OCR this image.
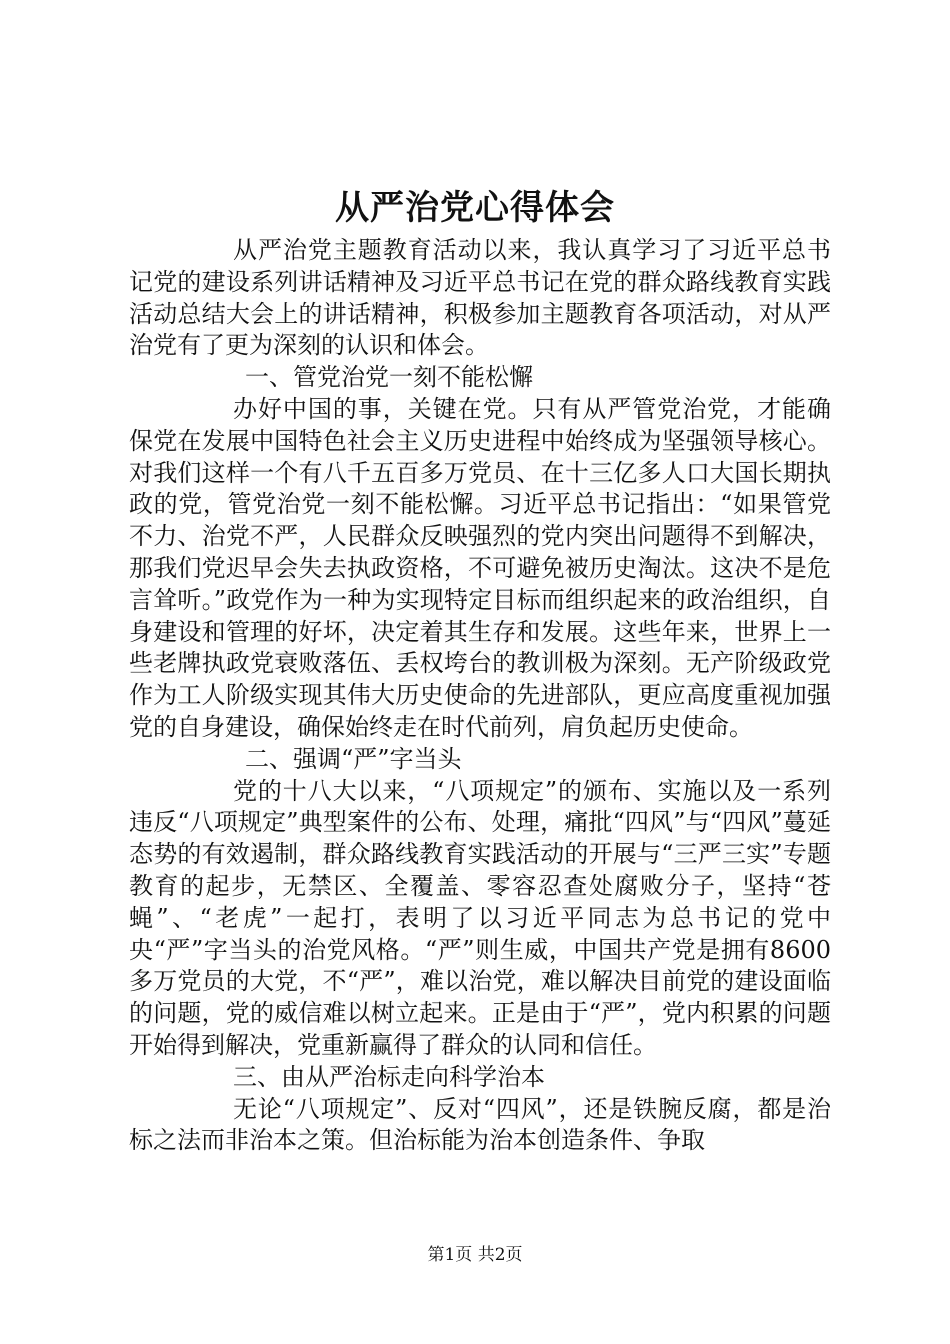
从严治党心得体会

从严治党主题教育活动以来，我认真学习了习近平总书记党的建设系列讲话精神及习近平总书记在党的群众路线教育实践活动总结大会上的讲话精神，积极参加主题教育各项活动，对从严治党有了更为深刻的认识和体会。

一、管党治党一刻不能松懈

办好中国的事，关键在党。只有从严管党治党，才能确保党在发展中国特色社会主义历史进程中始终成为坚强领导核心。对我们这样一个有八千五百多万党员、在十三亿多人口大国长期执政的党，管党治党一刻不能松懈。习近平总书记指出：“如果管党不力、治党不严，人民群众反映强烈的党内突出问题得不到解决，那我们党迟早会失去执政资格，不可避免被历史淘汰。这决不是危言耸听。”政党作为一种为实现特定目标而组织起来的政治组织，自身建设和管理的好坏，决定着其生存和发展。这些年来，世界上一些老牌执政党衰败落伍、丢权垮台的教训极为深刻。无产阶级政党作为工人阶级实现其伟大历史使命的先进部队，更应高度重视加强党的自身建设，确保始终走在时代前列，肩负起历史使命。

二、强调“严”字当头

党的十八大以来，“八项规定”的颁布、实施以及一系列违反“八项规定”典型案件的公布、处理，痛批“四风”与“四风”蔓延态势的有效遏制，群众路线教育实践活动的开展与“三严三实”专题教育的起步，无禁区、全覆盖、零容忍查处腐败分子，坚持“苍蝇”、“老虎”一起打，表明了以习近平同志为总书记的党中央“严”字当头的治党风格。“严”则生威，中国共产党是拥有8600多万党员的大党，不“严”，难以治党，难以解决目前党的建设面临的问题，党的威信难以树立起来。正是由于“严”，党内积累的问题开始得到解决，党重新赢得了群众的认同和信任。

三、由从严治标走向科学治本

无论“八项规定”、反对“四风”，还是铁腕反腐，都是治标之法而非治本之策。但治标能为治本创造条件、争取

第1页 共2页
